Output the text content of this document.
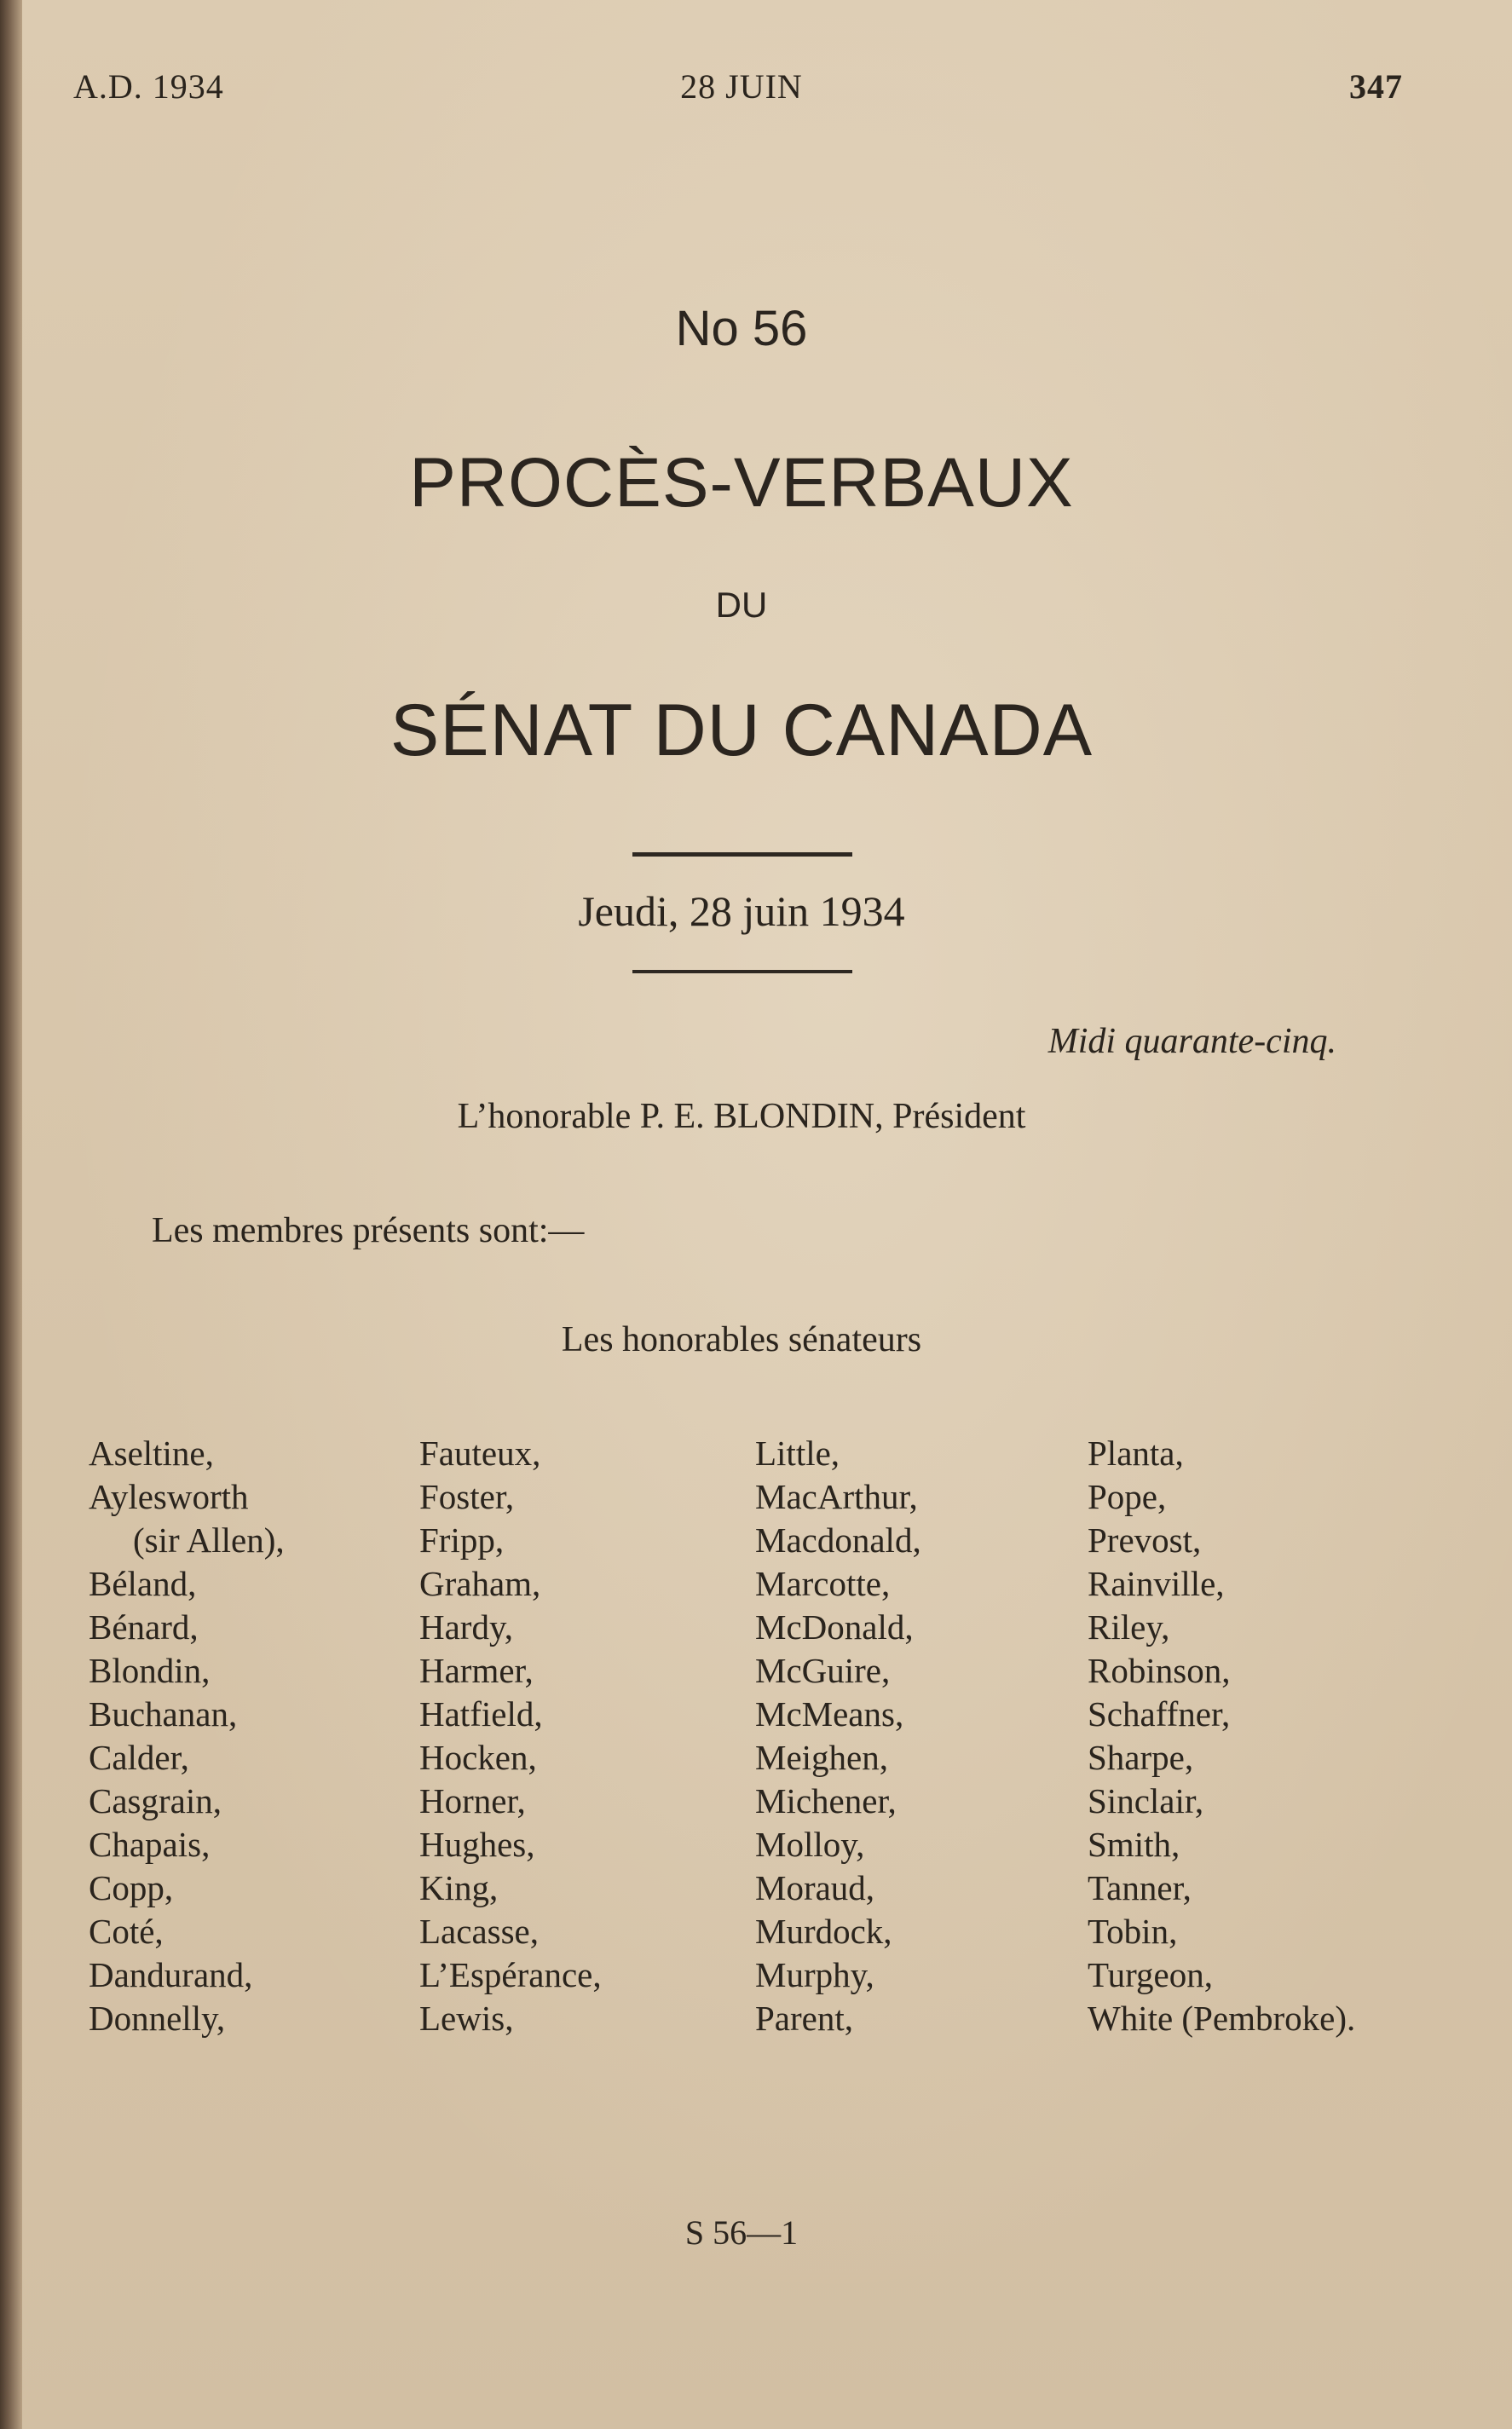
A.D. 1934	28 JUIN	347
No 56
PROCÈS-VERBAUX
DU
SÉNAT DU CANADA
Jeudi, 28 juin 1934
Midi quarante-cinq.
L’honorable P. E. BLONDIN, Président
Les membres présents sont:—
Les honorables sénateurs
Aseltine,
Aylesworth
(sir Allen),
Béland,
Bénard,
Blondin,
Buchanan,
Calder,
Casgrain,
Chapais,
Copp,
Coté,
Dandurand,
Donnelly,
Fauteux,
Foster,
Fripp,
Graham,
Hardy,
Harmer,
Hatfield,
Hocken,
Horner,
Hughes,
King,
Lacasse,
L’Espérance,
Lewis,
Little,
MacArthur,
Macdonald,
Marcotte,
McDonald,
McGuire,
McMeans,
Meighen,
Michener,
Molloy,
Moraud,
Murdock,
Murphy,
Parent,
Planta,
Pope,
Prevost,
Rainville,
Riley,
Robinson,
Schaffner,
Sharpe,
Sinclair,
Smith,
Tanner,
Tobin,
Turgeon,
White (Pembroke).
S 56—1
